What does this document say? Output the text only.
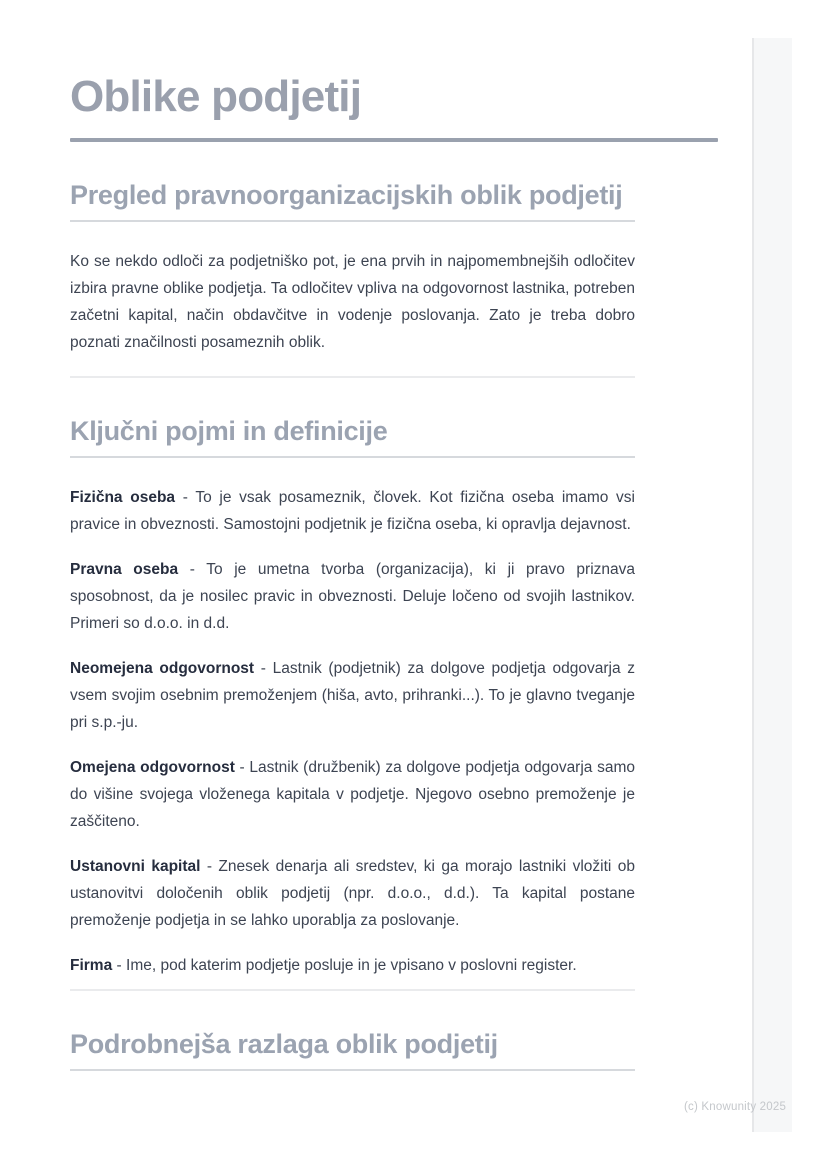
Oblike podjetij
Pregled pravnoorganizacijskih oblik podjetij

Ko se nekdo odloči za podjetniško pot, je ena prvih in najpomembnejših odločitev izbira pravne oblike podjetja. Ta odločitev vpliva na odgovornost lastnika, potreben začetni kapital, način obdavčitve in vodenje poslovanja. Zato je treba dobro poznati značilnosti posameznih oblik.

Ključni pojmi in definicije

Fizična oseba - To je vsak posameznik, človek. Kot fizična oseba imamo vsi pravice in obveznosti. Samostojni podjetnik je fizična oseba, ki opravlja dejavnost.

Pravna oseba - To je umetna tvorba (organizacija), ki ji pravo priznava sposobnost, da je nosilec pravic in obveznosti. Deluje ločeno od svojih lastnikov. Primeri so d.o.o. in d.d.

Neomejena odgovornost - Lastnik (podjetnik) za dolgove podjetja odgovarja z vsem svojim osebnim premoženjem (hiša, avto, prihranki...). To je glavno tveganje pri s.p.-ju.

Omejena odgovornost - Lastnik (družbenik) za dolgove podjetja odgovarja samo do višine svojega vloženega kapitala v podjetje. Njegovo osebno premoženje je zaščiteno.

Ustanovni kapital - Znesek denarja ali sredstev, ki ga morajo lastniki vložiti ob ustanovitvi določenih oblik podjetij (npr. d.o.o., d.d.). Ta kapital postane premoženje podjetja in se lahko uporablja za poslovanje.

Firma - Ime, pod katerim podjetje posluje in je vpisano v poslovni register.

Podrobnejša razlaga oblik podjetij
(c) Knowunity 2025
